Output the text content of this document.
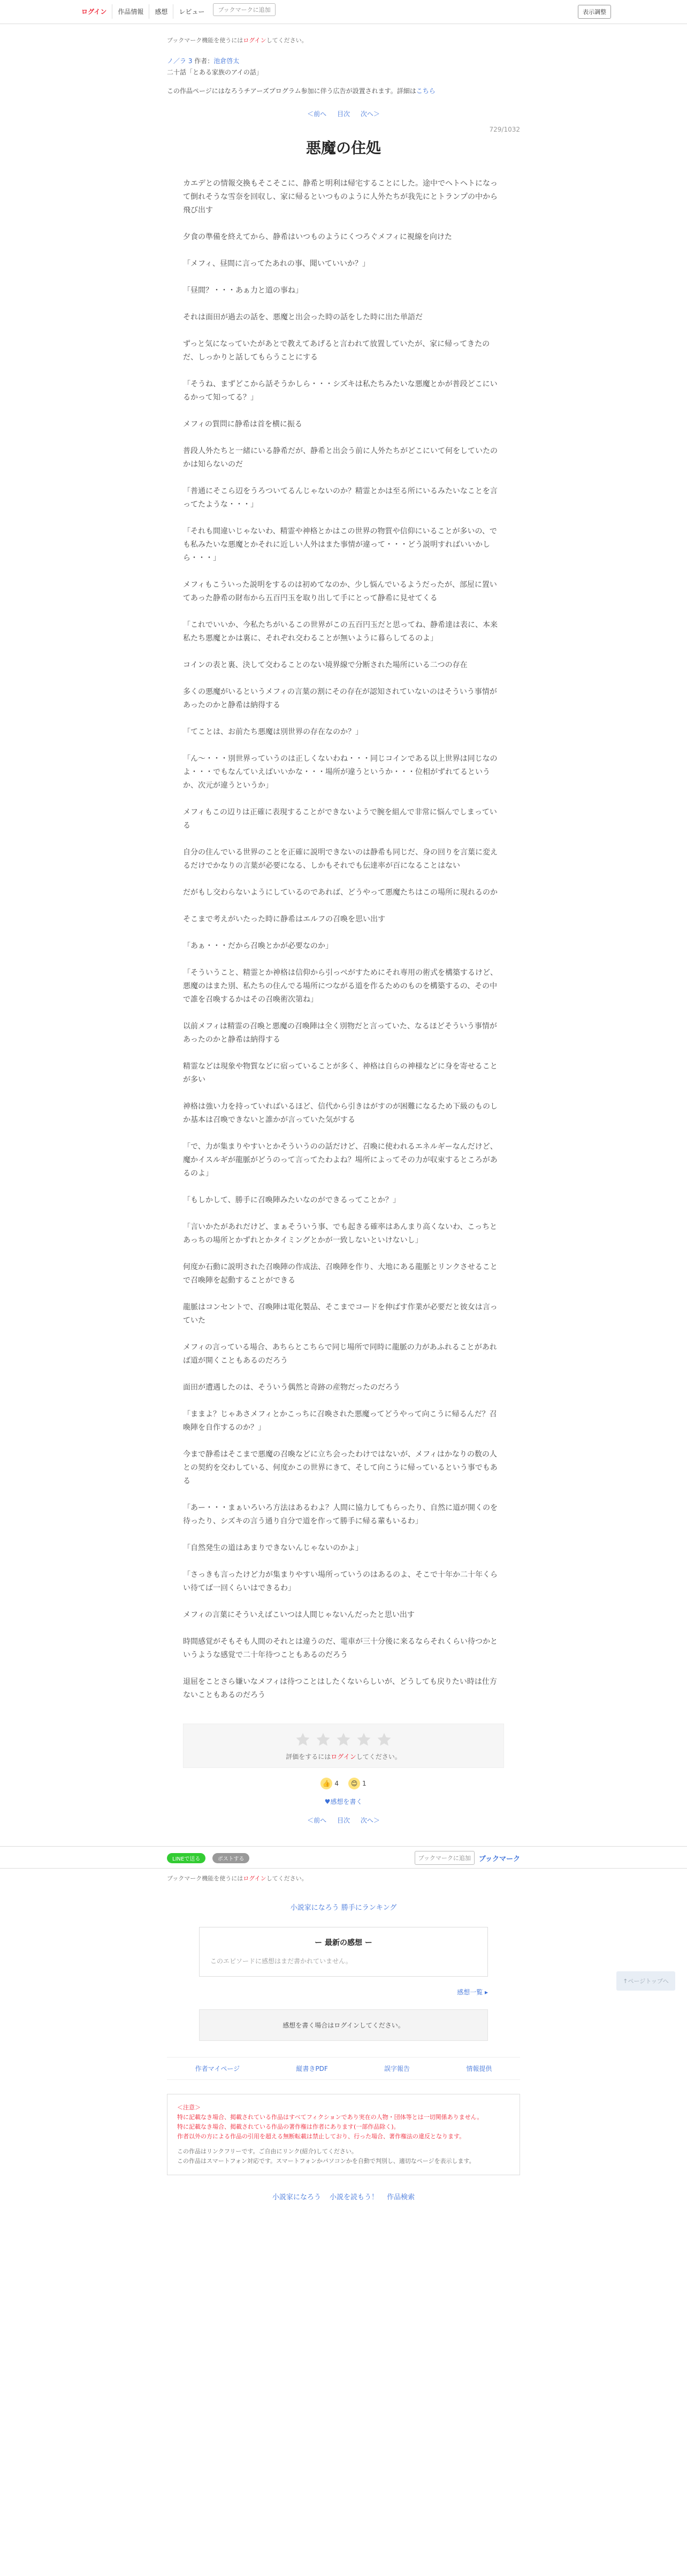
ログイン	作品情報	感想	レビュー	ブックマークに追加	表示調整
ブックマーク機能を使うにはログインしてください。
ノ／ラ 3 作者：池倉啓太
二十話「とある家族のアイの話」
この作品ページにはなろうチアーズプログラム参加に伴う広告が設置されます。詳細はこちら
＜前へ 目次 次へ＞
729/1032
悪魔の住処

カエデとの情報交換もそこそこに、静希と明利は帰宅することにした。途中でヘトヘトになって倒れそうな雪奈を回収し、家に帰るといつものように人外たちが我先にとトランプの中から飛び出す

夕食の準備を終えてから、静希はいつものようにくつろぐメフィに視線を向けた

「メフィ、昼間に言ってたあれの事、聞いていいか？」

「昼間？・・・あぁ力と道の事ね」

それは面田が過去の話を、悪魔と出会った時の話をした時に出た単語だ

ずっと気になっていたがあとで教えてあげると言われて放置していたが、家に帰ってきたのだ、しっかりと話してもらうことにする

「そうね、まずどこから話そうかしら・・・シズキは私たちみたいな悪魔とかが普段どこにいるかって知ってる？」

メフィの質問に静希は首を横に振る

普段人外たちと一緒にいる静希だが、静希と出会う前に人外たちがどこにいて何をしていたのかは知らないのだ

「普通にそこら辺をうろついてるんじゃないのか？精霊とかは至る所にいるみたいなことを言ってたような・・・」

「それも間違いじゃないわ、精霊や神格とかはこの世界の物質や信仰にいることが多いの、でも私みたいな悪魔とかそれに近しい人外はまた事情が違って・・・どう説明すればいいかしら・・・」

メフィもこういった説明をするのは初めてなのか、少し悩んでいるようだったが、部屋に置いてあった静希の財布から五百円玉を取り出して手にとって静希に見せてくる

「これでいいか、今私たちがいるこの世界がこの五百円玉だと思ってね、静希達は表に、本来私たち悪魔とかは裏に、それぞれ交わることが無いように暮らしてるのよ」

コインの表と裏、決して交わることのない境界線で分断された場所にいる二つの存在

多くの悪魔がいるというメフィの言葉の割にその存在が認知されていないのはそういう事情があったのかと静希は納得する

「てことは、お前たち悪魔は別世界の存在なのか？」

「ん～・・・別世界っていうのは正しくないわね・・・同じコインである以上世界は同じなのよ・・・でもなんていえばいいかな・・・場所が違うというか・・・位相がずれてるというか、次元が違うというか」

メフィもこの辺りは正確に表現することができないようで腕を組んで非常に悩んでしまっている

自分の住んでいる世界のことを正確に説明できないのは静希も同じだ、身の回りを言葉に変えるだけでかなりの言葉が必要になる、しかもそれでも伝達率が百になることはない

だがもし交わらないようにしているのであれば、どうやって悪魔たちはこの場所に現れるのか

そこまで考えがいたった時に静希はエルフの召喚を思い出す

「あぁ・・・だから召喚とかが必要なのか」

「そういうこと、精霊とか神格は信仰から引っぺがすためにそれ専用の術式を構築するけど、悪魔のはまた別、私たちの住んでる場所につながる道を作るためのものを構築するの、その中で誰を召喚するかはその召喚術次第ね」

以前メフィは精霊の召喚と悪魔の召喚陣は全く別物だと言っていた、なるほどそういう事情があったのかと静希は納得する

精霊などは現象や物質などに宿っていることが多く、神格は自らの神様などに身を寄せることが多い

神格は強い力を持っていればいるほど、信代から引きはがすのが困難になるため下級のものしか基本は召喚できないと誰かが言っていた気がする

「で、力が集まりやすいとかそういうのの話だけど、召喚に使われるエネルギーなんだけど、魔かイスルギが龍脈がどうのって言ってたわよね？場所によってその力が収束するところがあるのよ」

「もしかして、勝手に召喚陣みたいなのができるってことか？」

「言いかたがあれだけど、まぁそういう事、でも起きる確率はあんまり高くないわ、こっちとあっちの場所とかずれとかタイミングとかが一致しないといけないし」

何度か石動に説明された召喚陣の作成法、召喚陣を作り、大地にある龍脈とリンクさせることで召喚陣を起動することができる

龍脈はコンセントで、召喚陣は電化製品、そこまでコードを伸ばす作業が必要だと彼女は言っていた

メフィの言っている場合、あちらとこちらで同じ場所で同時に龍脈の力があふれることがあれば道が開くこともあるのだろう

面田が遭遇したのは、そういう偶然と奇跡の産物だったのだろう

「ままよ？じゃあさメフィとかこっちに召喚された悪魔ってどうやって向こうに帰るんだ？召喚陣を自作するのか？」

今まで静希はそこまで悪魔の召喚などに立ち会ったわけではないが、メフィはかなりの数の人との契約を交わしている、何度かこの世界にきて、そして向こうに帰っているという事でもある

「あー・・・まぁいろいろ方法はあるわよ？人間に協力してもらったり、自然に道が開くのを待ったり、シズキの言う通り自分で道を作って勝手に帰る輩もいるわ」

「自然発生の道はあまりできないんじゃないのかよ」

「さっきも言ったけど力が集まりやすい場所っていうのはあるのよ、そこで十年か二十年くらい待てば一回くらいはできるわ」

メフィの言葉にそういえばこいつは人間じゃないんだったと思い出す

時間感覚がそもそも人間のそれとは違うのだ、電車が三十分後に来るならそれくらい待つかというような感覚で二十年待つこともあるのだろう

退屈をことさら嫌いなメフィは待つことはしたくないらしいが、どうしても戻りたい時は仕方ないこともあるのだろう

評価をするにはログインしてください。
👍 4	😊 1
♥感想を書く
＜前へ 目次 次へ＞
↑ページトップへ
LINEで送る	ポストする	ブックマークに追加	ブックマーク
ブックマーク機能を使うにはログインしてください。
小説家になろう 勝手にランキング
ー 最新の感想 ー
このエピソードに感想はまだ書かれていません。
感想一覧 ▸
感想を書く場合はログインしてください。
作者マイページ	縦書きPDF	誤字報告	情報提供
＜注意＞
特に記載なき場合、掲載されている作品はすべてフィクションであり実在の人物・団体等とは一切関係ありません。
特に記載なき場合、掲載されている作品の著作権は作者にあります(一部作品除く)。
作者以外の方による作品の引用を超える無断転載は禁止しており、行った場合、著作権法の違反となります。
この作品はリンクフリーです。ご自由にリンク(紹介)してください。
この作品はスマートフォン対応です。スマートフォンかパソコンかを自動で判別し、適切なページを表示します。
小説家になろう 小説を読もう！ 作品検索
